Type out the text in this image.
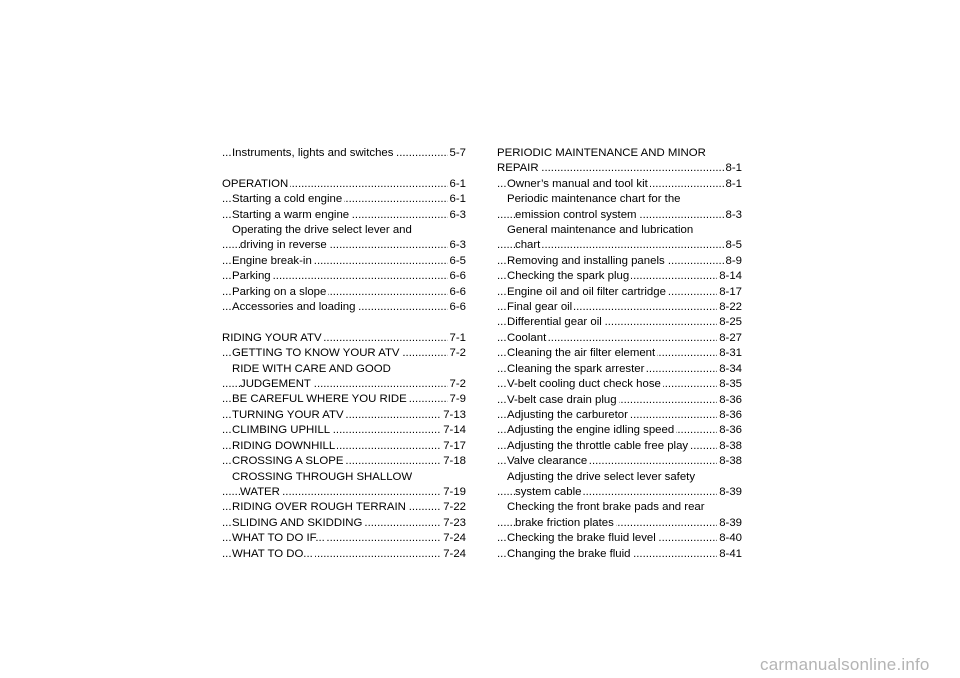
..... Instruments, lights and switches	5-7
..... OPERATION	6-1
..... Starting a cold engine	6-1
..... Starting a warm engine	6-3
Operating the drive select lever and
..... driving in reverse	6-3
..... Engine break-in	6-5
..... Parking	6-6
..... Parking on a slope	6-6
..... Accessories and loading	6-6
..... RIDING YOUR ATV	7-1
..... GETTING TO KNOW YOUR ATV	7-2
RIDE WITH CARE AND GOOD
..... JUDGEMENT	7-2
..... BE CAREFUL WHERE YOU RIDE	7-9
..... TURNING YOUR ATV	7-13
..... CLIMBING UPHILL	7-14
..... RIDING DOWNHILL	7-17
..... CROSSING A SLOPE	7-18
CROSSING THROUGH SHALLOW
..... WATER	7-19
..... RIDING OVER ROUGH TERRAIN	7-22
..... SLIDING AND SKIDDING	7-23
..... WHAT TO DO IF...	7-24
..... WHAT TO DO...	7-24
PERIODIC MAINTENANCE AND MINOR
..... REPAIR	8-1
..... Owner’s manual and tool kit	8-1
Periodic maintenance chart for the
..... emission control system	8-3
General maintenance and lubrication
..... chart	8-5
..... Removing and installing panels	8-9
..... Checking the spark plug	8-14
..... Engine oil and oil filter cartridge	8-17
..... Final gear oil	8-22
..... Differential gear oil	8-25
..... Coolant	8-27
..... Cleaning the air filter element	8-31
..... Cleaning the spark arrester	8-34
..... V-belt cooling duct check hose	8-35
..... V-belt case drain plug	8-36
..... Adjusting the carburetor	8-36
..... Adjusting the engine idling speed	8-36
..... Adjusting the throttle cable free play	8-38
..... Valve clearance	8-38
Adjusting the drive select lever safety
..... system cable	8-39
Checking the front brake pads and rear
..... brake friction plates	8-39
..... Checking the brake fluid level	8-40
..... Changing the brake fluid	8-41
carmanualsonline.info
